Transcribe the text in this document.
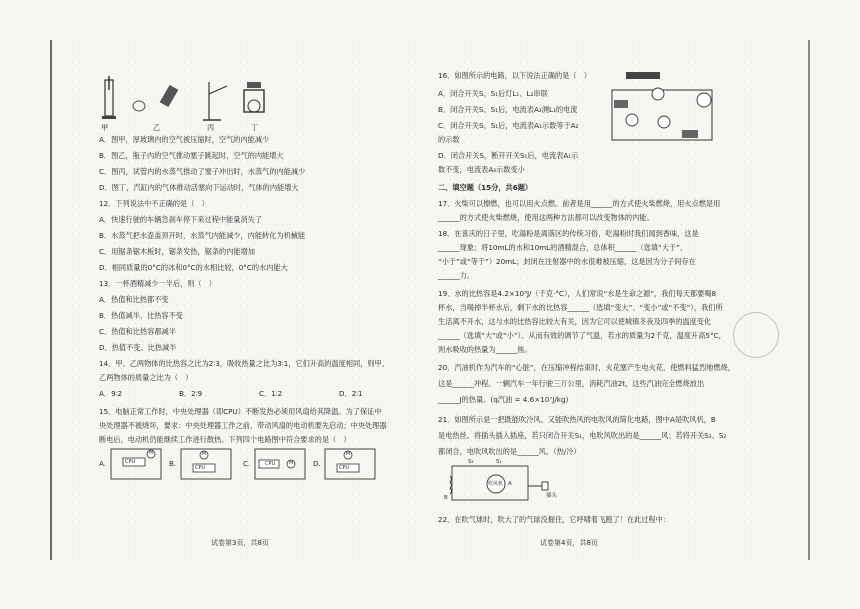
甲	乙	丙	丁
A．图甲，厚玻璃内的空气被压缩时，空气的内能减少
B．图乙，瓶子内的空气推动塞子跳起时，空气的内能增大
C．图丙，试管内的水蒸气推动了塞子冲出时，水蒸气的内能减少
D．图丁，汽缸内的气体推动活塞向下运动时，气体的内能增大
12．下列说法中不正确的是（　）
A．快速行驶的车辆急刹车停下来过程中能量消失了
B．水蒸气把水壶盖顶开时，水蒸气内能减少，内能转化为机械能
C．用锯条锯木板时，锯条发热，锯条的内能增加
D．相同质量的0°C的冰和0°C的水相比较，0°C的水内能大
13．一杯酒精减少一半后，则（　）
A．热值和比热都不变
B．热值减半、比热容不变
C．热值和比热容都减半
D．热值不变、比热减半
14．甲、乙两物体的比热容之比为2∶3，吸收热量之比为3∶1，它们升高的温度相同，则甲、
乙两物体的质量之比为（　）
A．9∶2	B．2∶9	C．1∶2	D．2∶1
15．电脑正常工作时，中央处理器（即CPU）不断发热必须用风扇给其降温。为了保证中
央处理器不被烧坏，要求：中央处理器工作之前，带动风扇的电动机要先启动；中央处理器
断电后，电动机仍能继续工作进行散热。下列四个电路图中符合要求的是（　）
A.	B.	C.	D.
CPU
M
CPU
M
CPU	M
CPU
M
试卷第3页，共8页
16．如图所示的电路，以下说法正确的是（　）
A．闭合开关S、S₁后灯L₁、L₂串联
B．闭合开关S、S₁后，电流表A₂测L₁的电流
C．闭合开关S、S₁后，电流表A₁示数等于A₂
的示数
D．闭合开关S，断开开关S₁后，电流表A₁示
数不变，电流表A₂示数变小
二、填空题（15分，共6题）
17．火柴可以擦燃，也可以用火点燃。前者是用______的方式使火柴燃烧，用火点燃是用
______的方式使火柴燃烧，使用这两种方法都可以改变物体的内能。
18．在喜庆的日子里，吃湯粉是离落区的传统习俗，吃湯粉时我们闻到香味，这是
______现象；将10mL的水和10mL的酒精混合，总体积______（选填“大于”、
“小于”或“等于”）20mL；封闭在注射器中的水很难被压缩，这是因为分子间存在
______力。
19．水的比热容是4.2×10³J/（千克·°C），人们常说“水是生命之源”，我们每天都要喝8
杯水，当喝掉半杯水后，剩下水的比热容______（选填“变大”、“变小”或“不变”），我们所
生活离不开水，这与水的比热容比较大有关，因为它可以使城镇冬夜及四季的温度变化
______（选填“大”或“小”）。从而有效的调节了气温，若水的质量为2千克，温度升高5°C，
则水吸收的热量为______焦。
20．汽油机作为汽车的“心脏”，在压缩冲程结束时，火花塞产生电火花，使燃料猛烈地燃烧，
这是______冲程。一辆汽车一年行驶三万公里，消耗汽油2t，这些汽油完全燃烧放出
______J的热量。(q汽油 = 4.6×10⁷J/kg)
21．如图所示是一把既能吹冷风、又能吹热风的电吹风的简化电路，图中A是吹风机，B
是电热丝。将插头插入插座，若只闭合开关S₁，电吹风吹出的是______风；若将开关S₁、S₂
都闭合，电吹风吹出的是______风。（热/冷）
S₂	S₁
B
吹风机 A
插头
22．在吹气球时，吹大了的气球没握住，它呼啸着飞跑了！在此过程中：
试卷第4页，共8页
